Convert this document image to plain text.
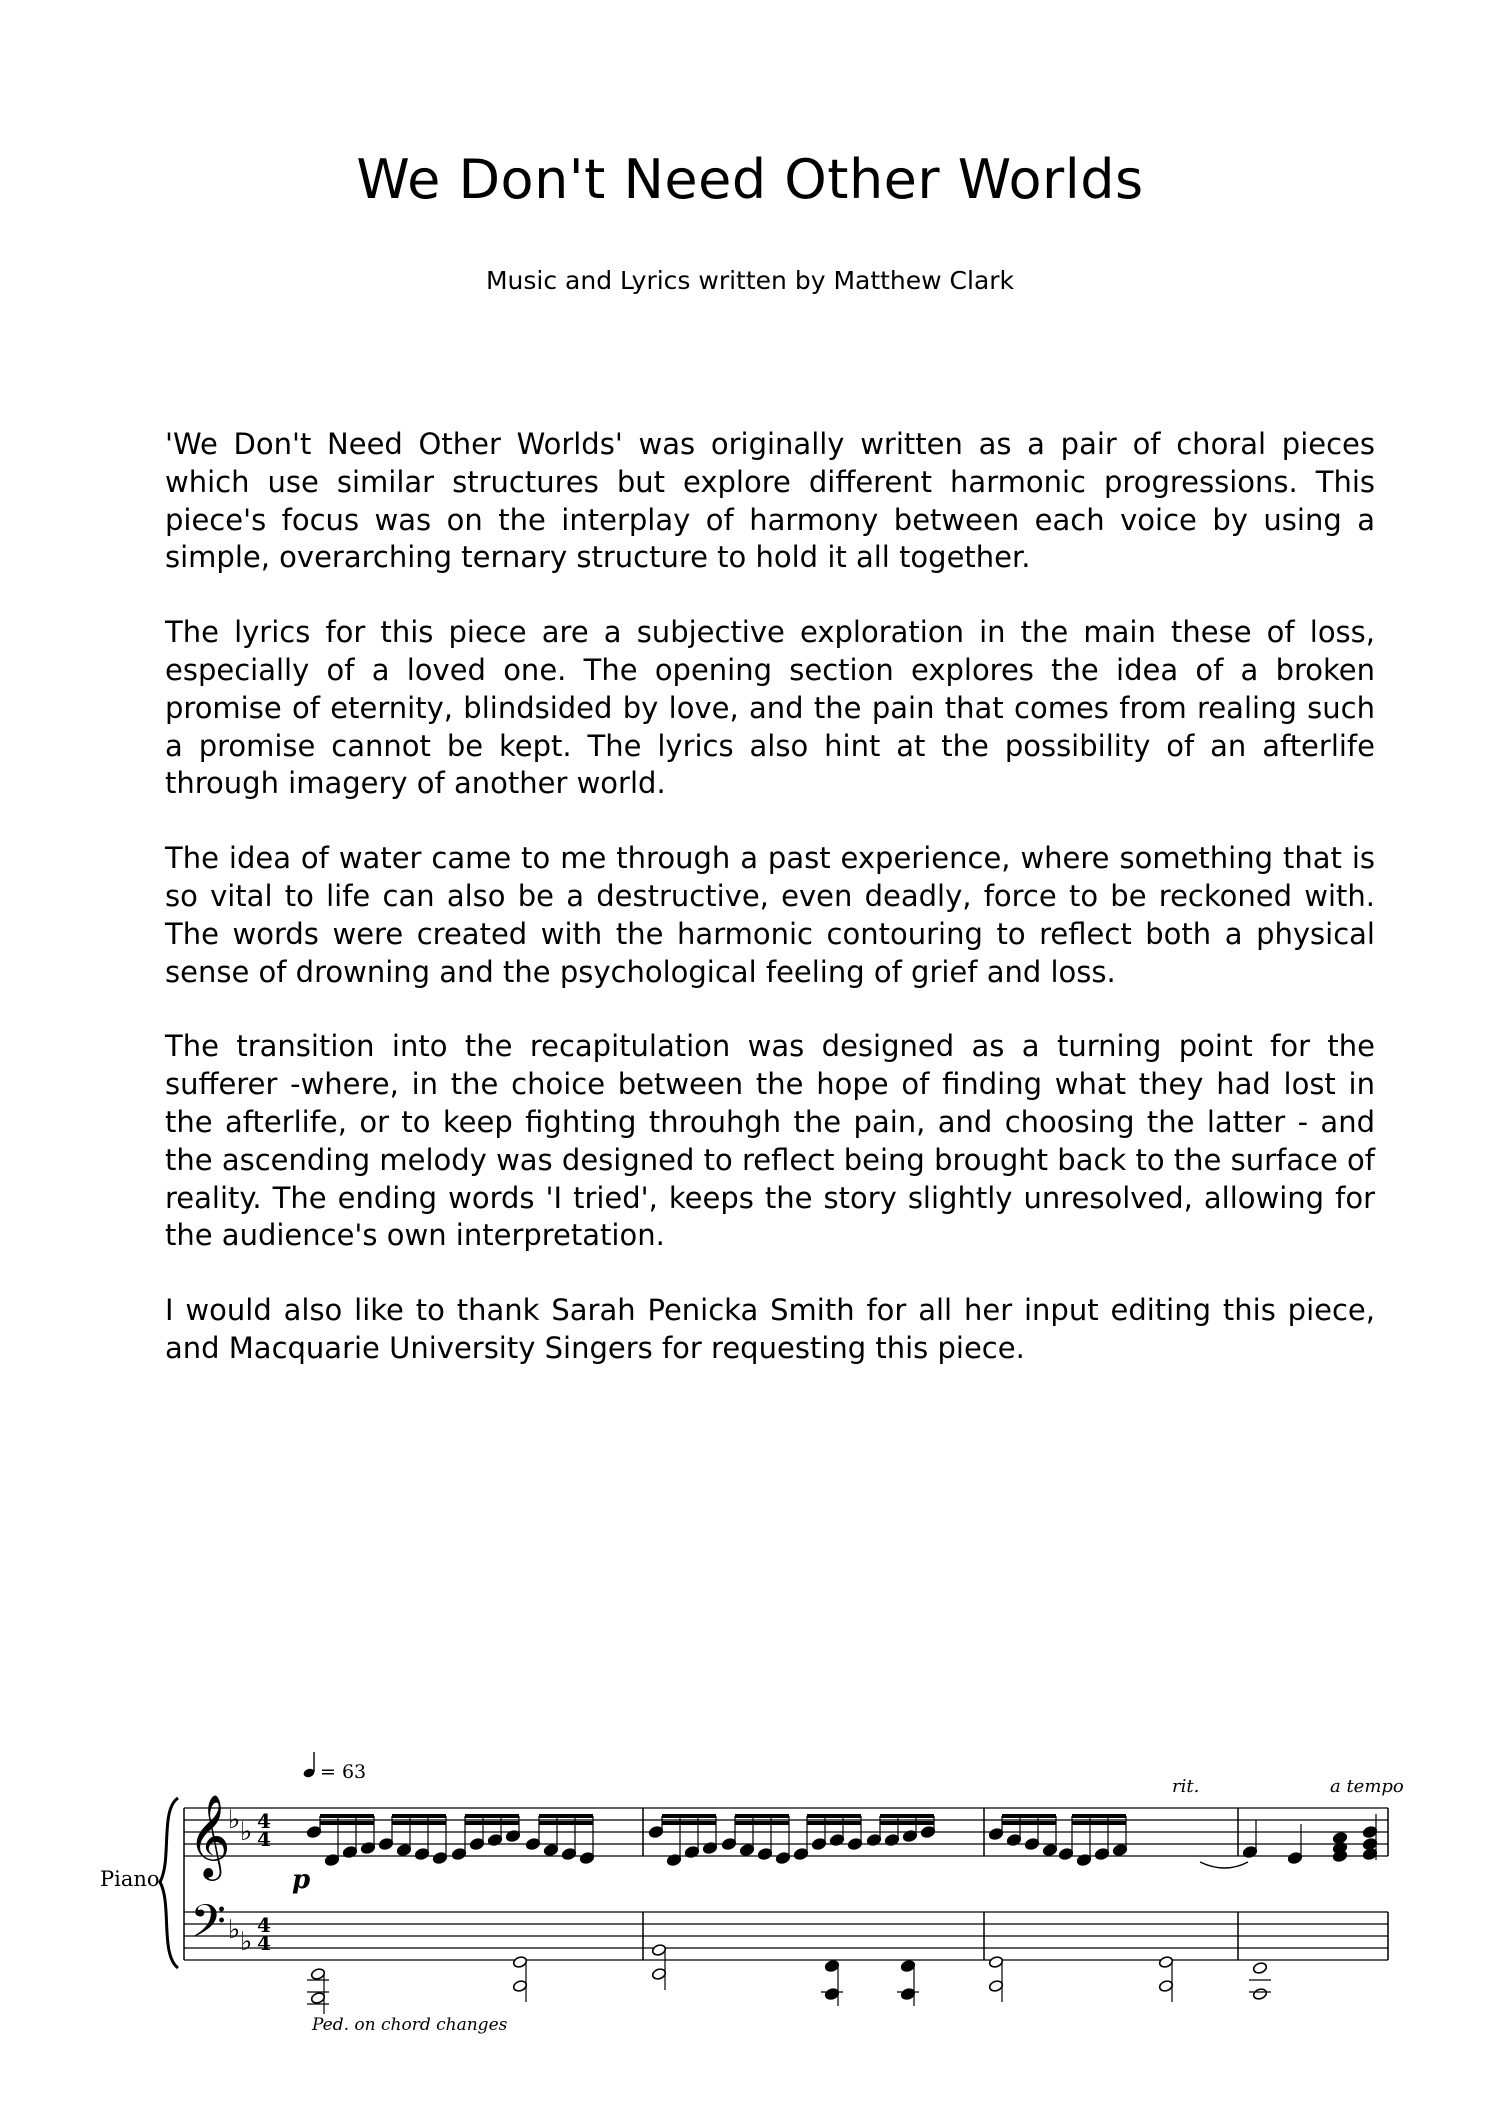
We Don't Need Other Worlds
Music and Lyrics written by Matthew Clark

'We Don't Need Other Worlds' was originally written as a pair of choral pieces which use similar structures but explore different harmonic progressions. This piece's focus was on the interplay of harmony between each voice by using a simple, overarching ternary structure to hold it all together.

The lyrics for this piece are a subjective exploration in the main these of loss, especially of a loved one. The opening section explores the idea of a broken promise of eternity, blindsided by love, and the pain that comes from realing such a promise cannot be kept. The lyrics also hint at the possibility of an afterlife through imagery of another world.

The idea of water came to me through a past experience, where something that is so vital to life can also be a destructive, even deadly, force to be reckoned with. The words were created with the harmonic contouring to reflect both a physical sense of drowning and the psychological feeling of grief and loss.

The transition into the recapitulation was designed as a turning point for the sufferer -where, in the choice between the hope of finding what they had lost in the afterlife, or to keep fighting throuhgh the pain, and choosing the latter - and the ascending melody was designed to reflect being brought back to the surface of reality. The ending words 'I tried', keeps the story slightly unresolved, allowing for the audience's own interpretation.

I would also like to thank Sarah Penicka Smith for all her input editing this piece, and Macquarie University Singers for requesting this piece.

Piano
𝄞
𝄢
♭ ♭
♭ ♭
4
4
4
4
= 63
p
Ped. on chord changes
rit.	a tempo
